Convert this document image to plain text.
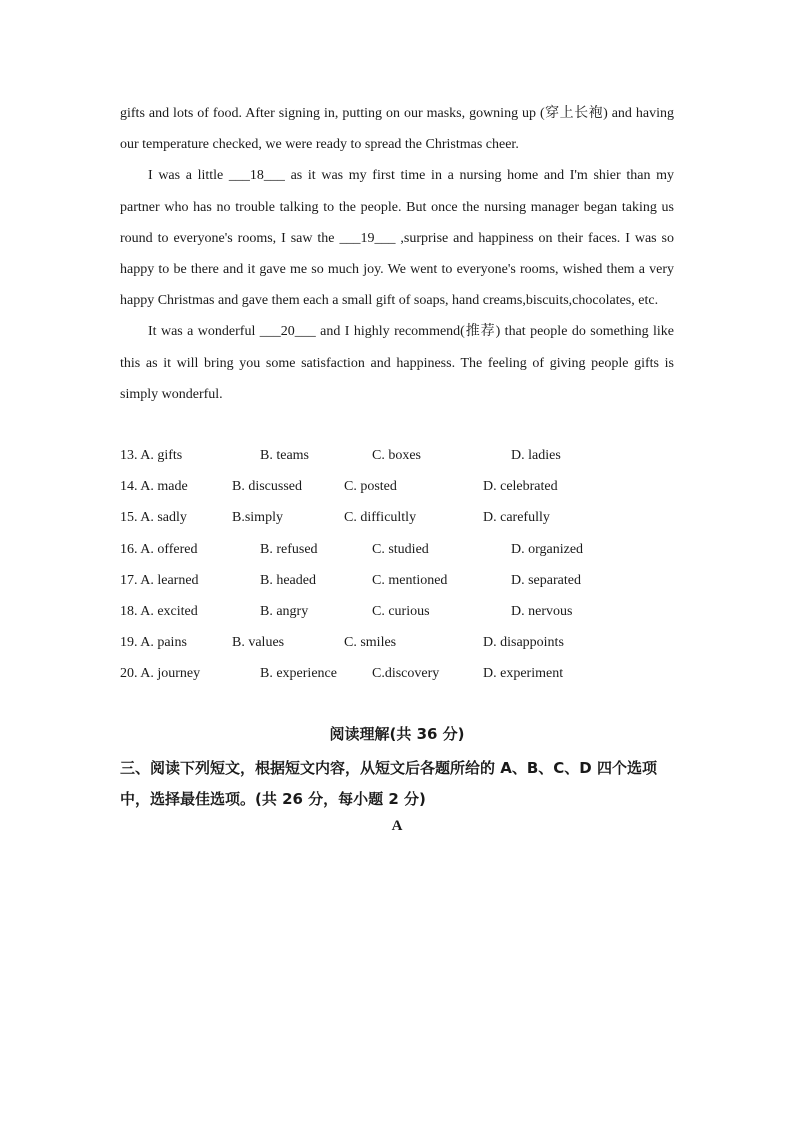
gifts and lots of food. After signing in, putting on our masks, gowning up (穿上长袍) and having our temperature checked, we were ready to spread the Christmas cheer.

I was a little ___18___ as it was my first time in a nursing home and I'm shier than my partner who has no trouble talking to the people. But once the nursing manager began taking us round to everyone's rooms, I saw the ___19___ ,surprise and happiness on their faces. I was so happy to be there and it gave me so much joy. We went to everyone's rooms, wished them a very happy Christmas and gave them each a small gift of soaps, hand creams,biscuits,chocolates, etc.

It was a wonderful ___20___ and I highly recommend(推荐) that people do something like this as it will bring you some satisfaction and happiness. The feeling of giving people gifts is simply wonderful.

13. A. gifts	B. teams	C. boxes	D. ladies
14. A. made	B. discussed	C. posted	D. celebrated
15. A. sadly	B.simply	C. difficultly	D. carefully
16. A. offered	B. refused	C. studied	D. organized
17. A. learned	B. headed	C. mentioned	D. separated
18. A. excited	B. angry	C. curious	D. nervous
19. A. pains	B. values	C. smiles	D. disappoints
20. A. journey	B. experience	C.discovery	D. experiment
阅读理解(共 36 分)
三、阅读下列短文，根据短文内容，从短文后各题所给的 A、B、C、D 四个选项中，选择最佳选项。(共 26 分，每小题 2 分)
A
